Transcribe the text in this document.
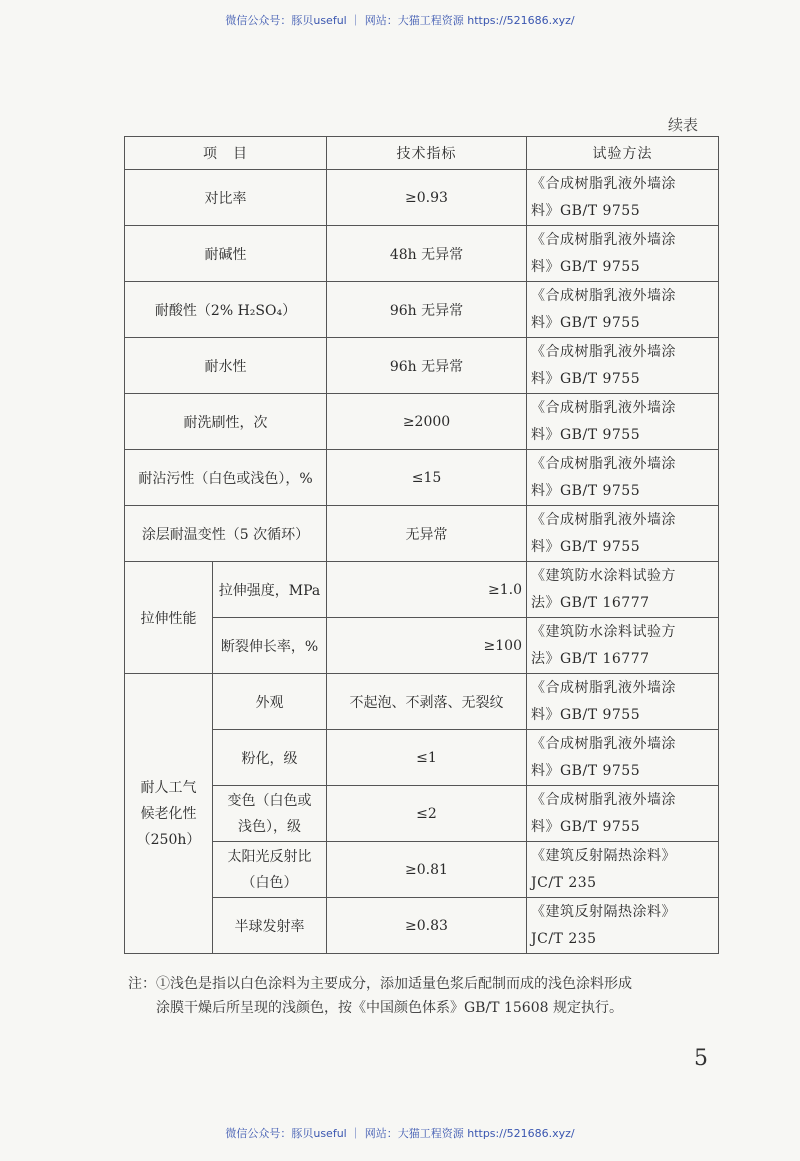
微信公众号：豚贝useful ｜ 网站：大猫工程资源 https://521686.xyz/
续表
项　目		技术指标	试验方法
对比率		≥0.93	《合成树脂乳液外墙涂
料》GB/T 9755
耐碱性		48h 无异常	《合成树脂乳液外墙涂
料》GB/T 9755
耐酸性（2% H₂SO₄）		96h 无异常	《合成树脂乳液外墙涂
料》GB/T 9755
耐水性		96h 无异常	《合成树脂乳液外墙涂
料》GB/T 9755
耐洗刷性，次		≥2000	《合成树脂乳液外墙涂
料》GB/T 9755
耐沾污性（白色或浅色），%		≤15	《合成树脂乳液外墙涂
料》GB/T 9755
涂层耐温变性（5 次循环）		无异常	《合成树脂乳液外墙涂
料》GB/T 9755
拉伸性能	拉伸强度，MPa	≥1.0	《建筑防水涂料试验方
法》GB/T 16777
	断裂伸长率，%	≥100	《建筑防水涂料试验方
法》GB/T 16777
耐人工气
候老化性
（250h）	外观	不起泡、不剥落、无裂纹	《合成树脂乳液外墙涂
料》GB/T 9755
	粉化，级	≤1	《合成树脂乳液外墙涂
料》GB/T 9755
	变色（白色或
浅色），级	≤2	《合成树脂乳液外墙涂
料》GB/T 9755
	太阳光反射比
（白色）	≥0.81	《建筑反射隔热涂料》
JC/T 235
	半球发射率	≥0.83	《建筑反射隔热涂料》
JC/T 235
注：①浅色是指以白色涂料为主要成分，添加适量色浆后配制而成的浅色涂料形成
涂膜干燥后所呈现的浅颜色，按《中国颜色体系》GB/T 15608 规定执行。
5
微信公众号：豚贝useful ｜ 网站：大猫工程资源 https://521686.xyz/
